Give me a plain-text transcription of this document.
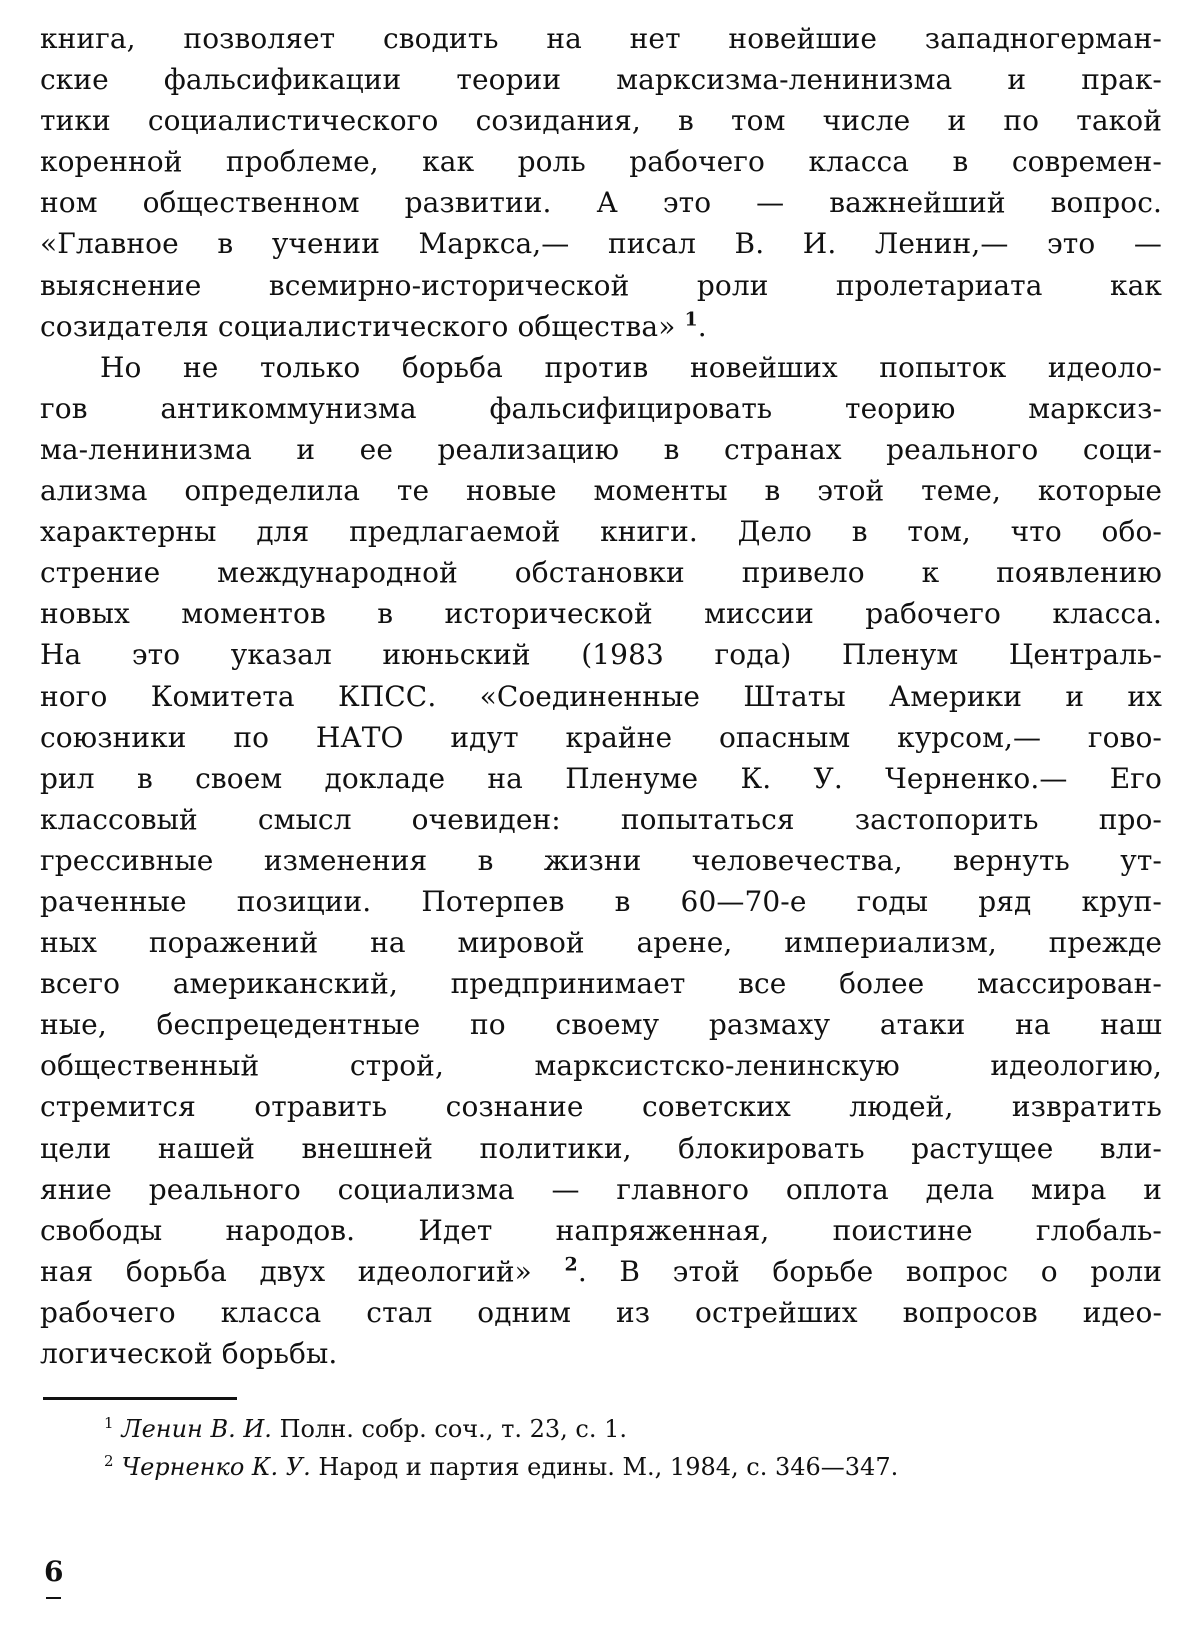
книга, позволяет сводить на нет новейшие западногерман-
ские фальсификации теории марксизма-ленинизма и прак-
тики социалистического созидания, в том числе и по такой
коренной проблеме, как роль рабочего класса в современ-
ном общественном развитии. А это — важнейший вопрос.
«Главное в учении Маркса,— писал В. И. Ленин,— это —
выяснение всемирно-исторической роли пролетариата как
созидателя социалистического общества» $^1$.
Но не только борьба против новейших попыток идеоло-
гов антикоммунизма фальсифицировать теорию марксиз-
ма-ленинизма и ее реализацию в странах реального соци-
ализма определила те новые моменты в этой теме, которые
характерны для предлагаемой книги. Дело в том, что обо-
стрение международной обстановки привело к появлению
новых моментов в исторической миссии рабочего класса.
На это указал июньский (1983 года) Пленум Централь-
ного Комитета КПСС. «Соединенные Штаты Америки и их
союзники по НАТО идут крайне опасным курсом,— гово-
рил в своем докладе на Пленуме К. У. Черненко.— Его
классовый смысл очевиден: попытаться застопорить про-
грессивные изменения в жизни человечества, вернуть ут-
раченные позиции. Потерпев в 60—70-е годы ряд круп-
ных поражений на мировой арене, империализм, прежде
всего американский, предпринимает все более массирован-
ные, беспрецедентные по своему размаху атаки на наш
общественный строй, марксистско-ленинскую идеологию,
стремится отравить сознание советских людей, извратить
цели нашей внешней политики, блокировать растущее вли-
яние реального социализма — главного оплота дела мира и
свободы народов. Идет напряженная, поистине глобаль-
ная борьба двух идеологий» $^2$. В этой борьбе вопрос о роли
рабочего класса стал одним из острейших вопросов идео-
логической борьбы.
$^1$ Ленин В. И. Полн. собр. соч., т. 23, с. 1.
$^2$ Черненко К. У. Народ и партия едины. М., 1984, с. 346—347.
6
